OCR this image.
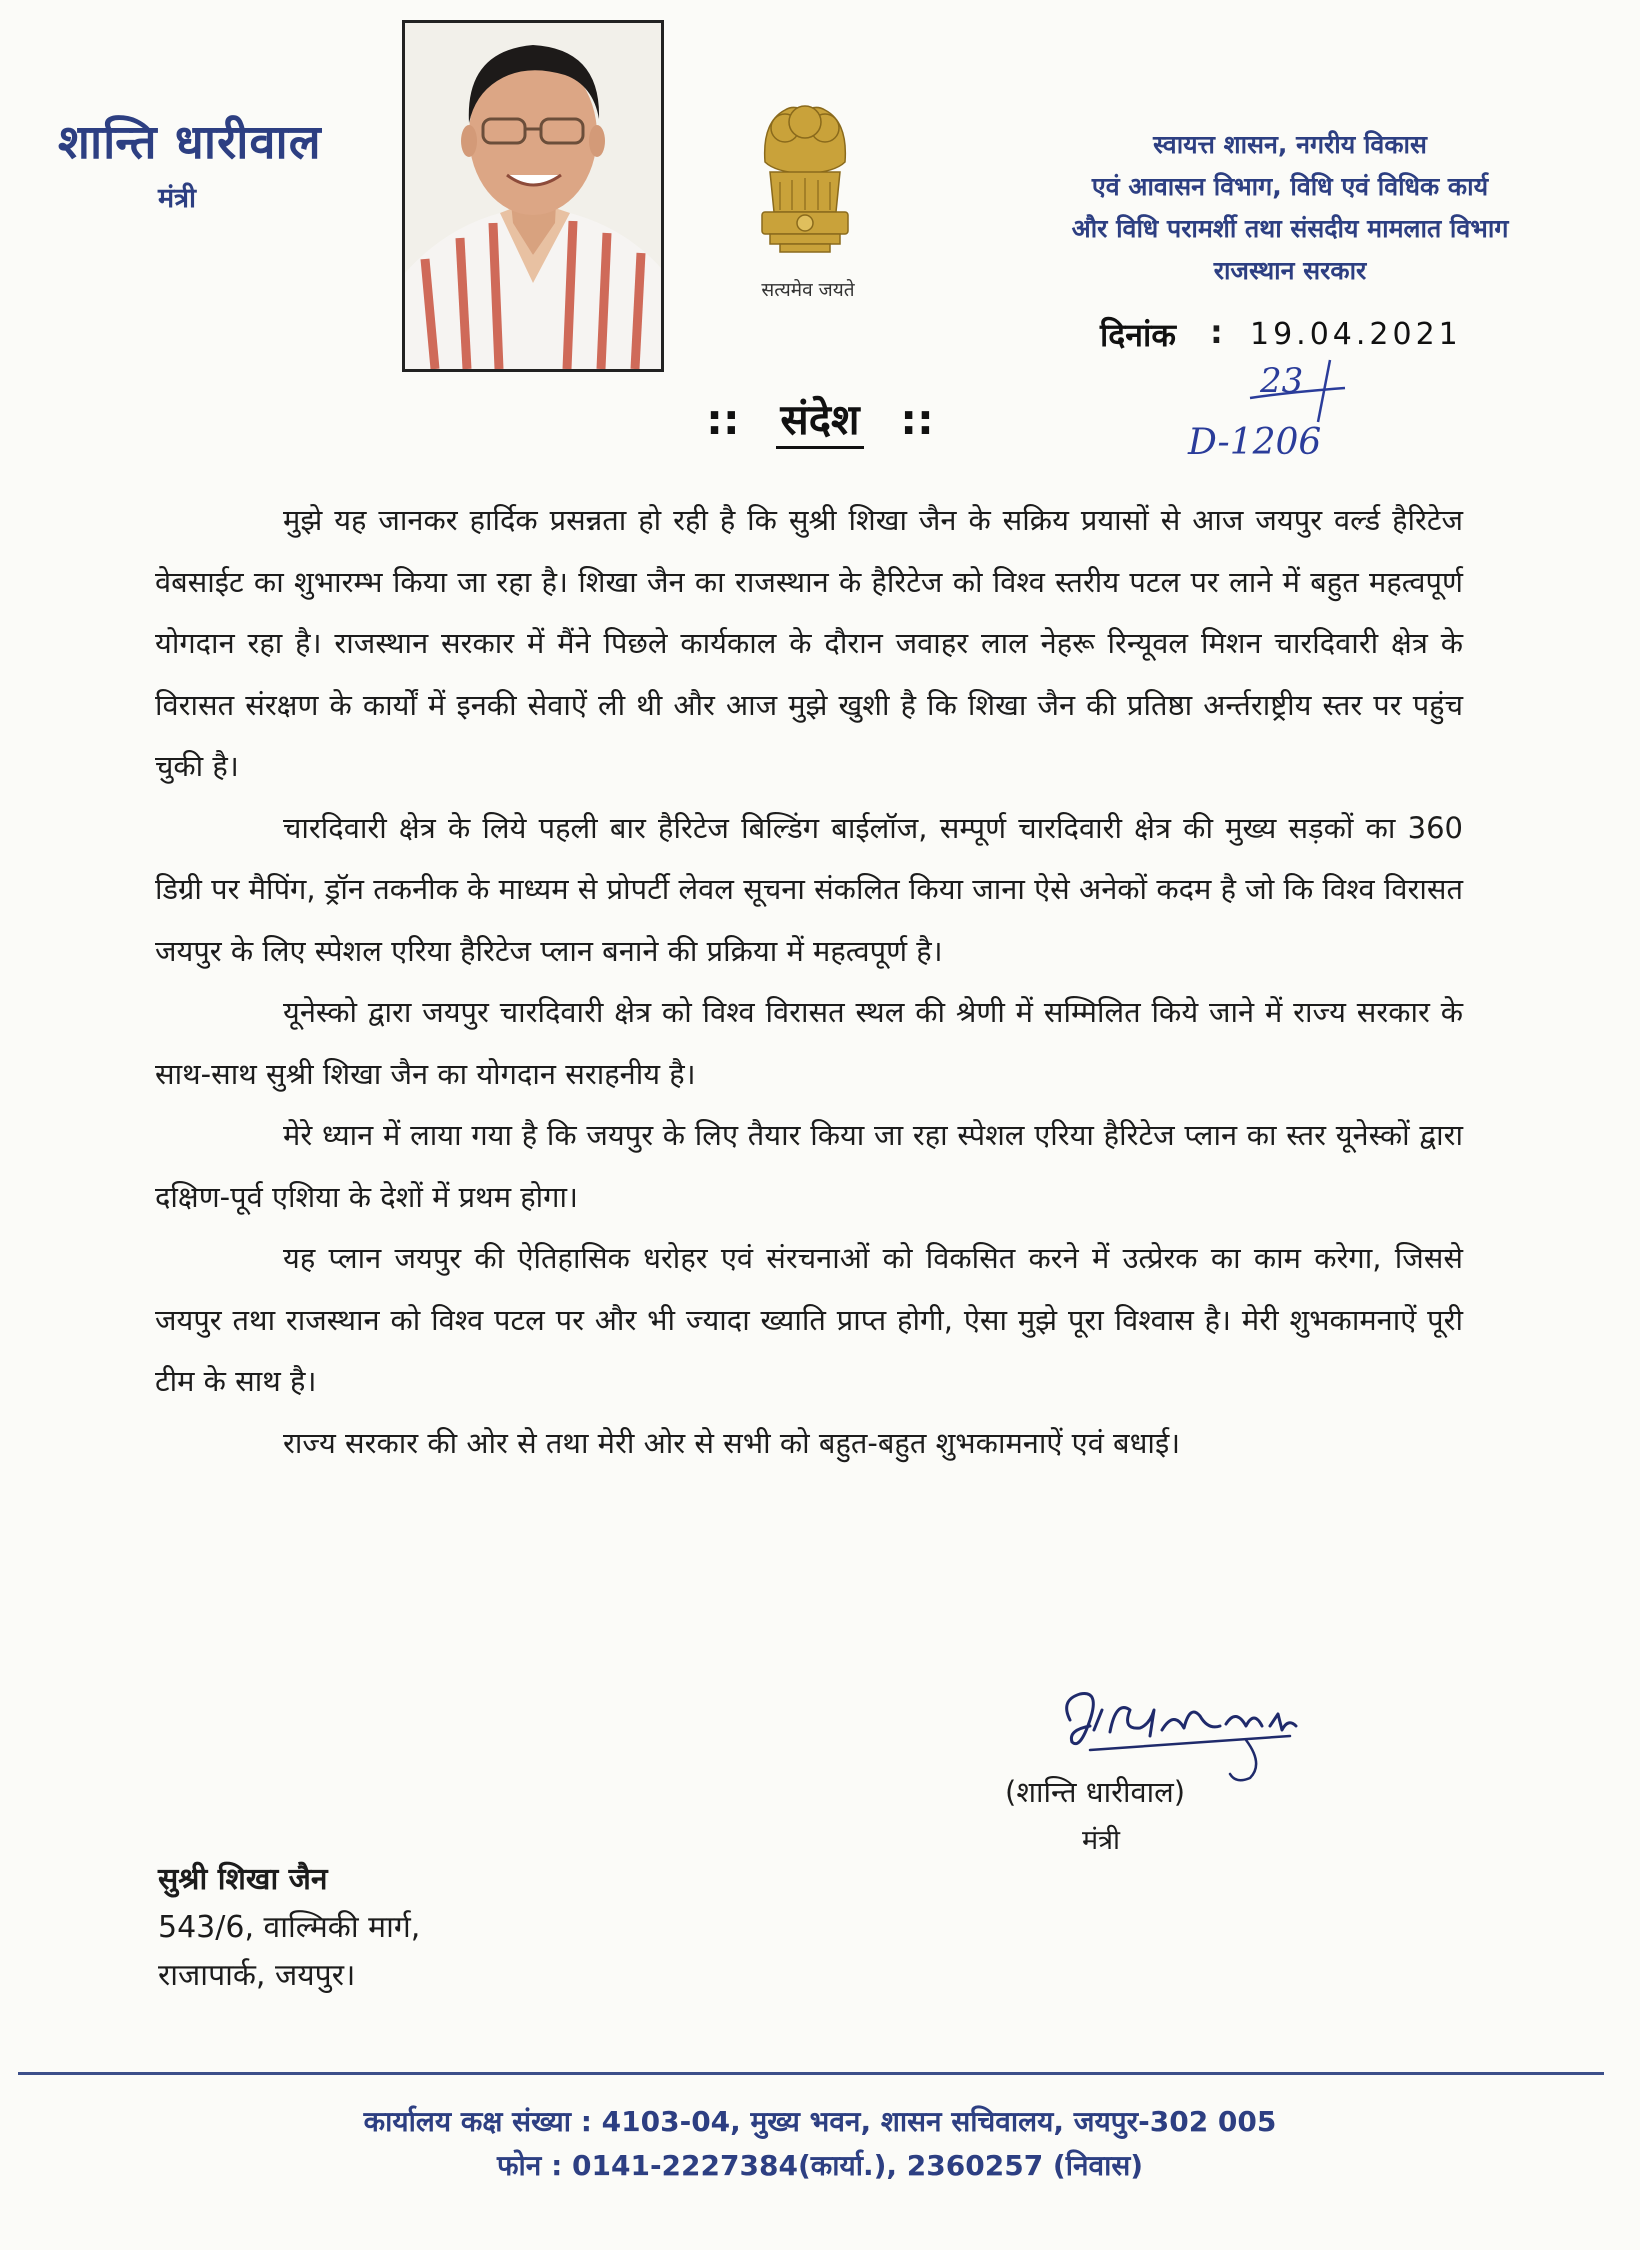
शान्ति धारीवाल
मंत्री
सत्यमेव जयते
स्वायत्त शासन, नगरीय विकास
एवं आवासन विभाग, विधि एवं विधिक कार्य
और विधि परामर्शी तथा संसदीय मामलात विभाग
राजस्थान सरकार
दिनांक : 19.04.2021
23
D-1206
:: संदेश ::

मुझे यह जानकर हार्दिक प्रसन्नता हो रही है कि सुश्री शिखा जैन के सक्रिय प्रयासों से आज जयपुर वर्ल्ड हैरिटेज वेबसाईट का शुभारम्भ किया जा रहा है। शिखा जैन का राजस्थान के हैरिटेज को विश्व स्तरीय पटल पर लाने में बहुत महत्वपूर्ण योगदान रहा है। राजस्थान सरकार में मैंने पिछले कार्यकाल के दौरान जवाहर लाल नेहरू रिन्यूवल मिशन चारदिवारी क्षेत्र के विरासत संरक्षण के कार्यों में इनकी सेवाऐं ली थी और आज मुझे खुशी है कि शिखा जैन की प्रतिष्ठा अर्न्तराष्ट्रीय स्तर पर पहुंच चुकी है।

चारदिवारी क्षेत्र के लिये पहली बार हैरिटेज बिल्डिंग बाईलॉज, सम्पूर्ण चारदिवारी क्षेत्र की मुख्य सड़कों का 360 डिग्री पर मैपिंग, ड्रॉन तकनीक के माध्यम से प्रोपर्टी लेवल सूचना संकलित किया जाना ऐसे अनेकों कदम है जो कि विश्व विरासत जयपुर के लिए स्पेशल एरिया हैरिटेज प्लान बनाने की प्रक्रिया में महत्वपूर्ण है।

यूनेस्को द्वारा जयपुर चारदिवारी क्षेत्र को विश्व विरासत स्थल की श्रेणी में सम्मिलित किये जाने में राज्य सरकार के साथ-साथ सुश्री शिखा जैन का योगदान सराहनीय है।

मेरे ध्यान में लाया गया है कि जयपुर के लिए तैयार किया जा रहा स्पेशल एरिया हैरिटेज प्लान का स्तर यूनेस्कों द्वारा दक्षिण-पूर्व एशिया के देशों में प्रथम होगा।

यह प्लान जयपुर की ऐतिहासिक धरोहर एवं संरचनाओं को विकसित करने में उत्प्रेरक का काम करेगा, जिससे जयपुर तथा राजस्थान को विश्व पटल पर और भी ज्यादा ख्याति प्राप्त होगी, ऐसा मुझे पूरा विश्वास है। मेरी शुभकामनाऐं पूरी टीम के साथ है।

राज्य सरकार की ओर से तथा मेरी ओर से सभी को बहुत-बहुत शुभकामनाऐं एवं बधाई।

(शान्ति धारीवाल)
मंत्री
सुश्री शिखा जैन
543/6, वाल्मिकी मार्ग,
राजापार्क, जयपुर।
कार्यालय कक्ष संख्या : 4103-04, मुख्य भवन, शासन सचिवालय, जयपुर-302 005
फोन : 0141-2227384(कार्या.), 2360257 (निवास)
